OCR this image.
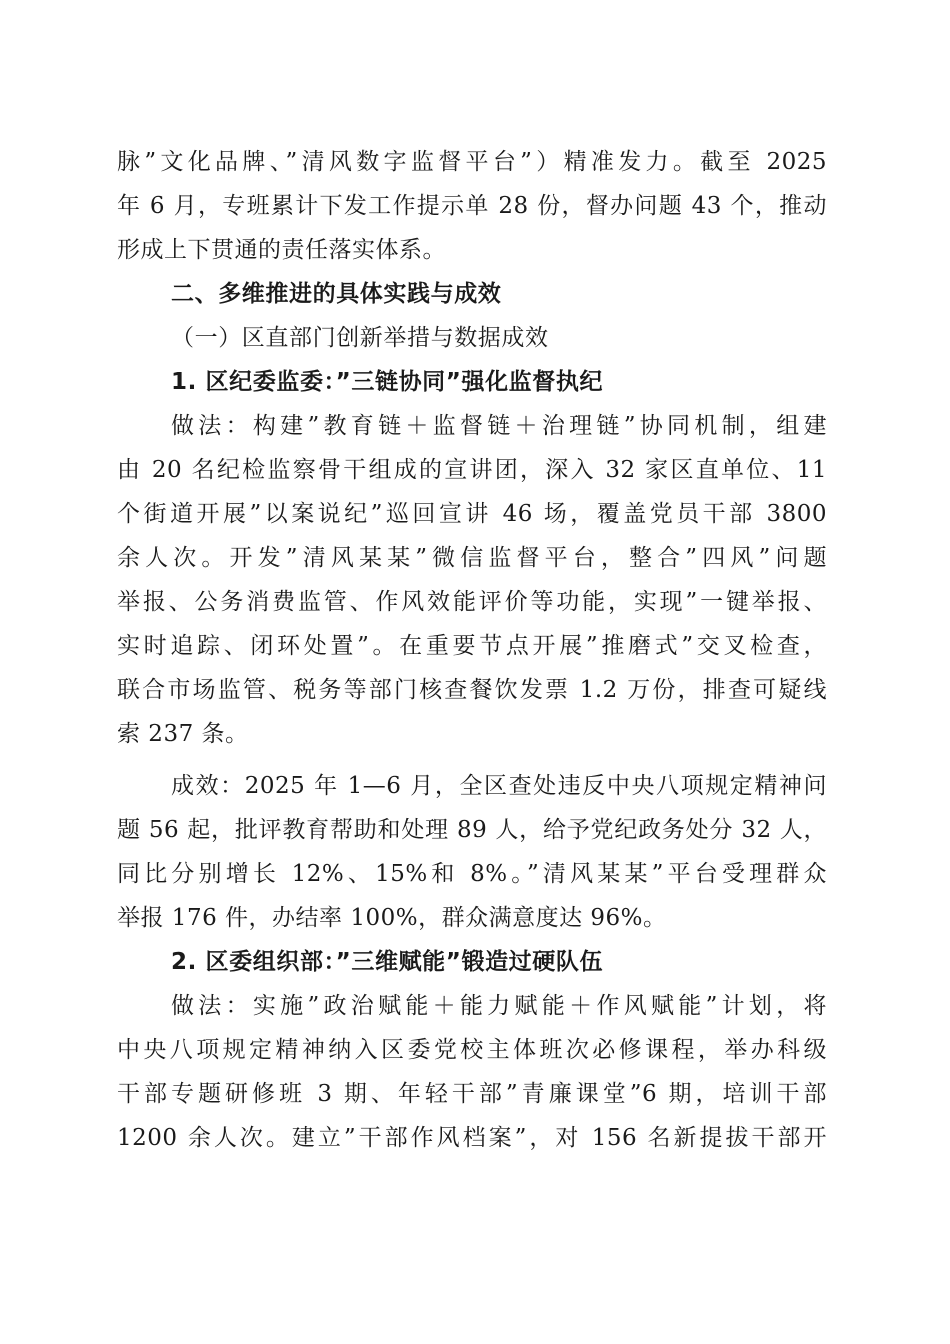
脉”文化品牌、”清风数字监督平台”）精准发力。截至 2025
年 6 月，专班累计下发工作提示单 28 份，督办问题 43 个，推动
形成上下贯通的责任落实体系。
二、多维推进的具体实践与成效
（一）区直部门创新举措与数据成效
1. 区纪委监委：”三链协同”强化监督执纪
做法：构建”教育链＋监督链＋治理链”协同机制，组建
由 20 名纪检监察骨干组成的宣讲团，深入 32 家区直单位、11
个街道开展”以案说纪”巡回宣讲 46 场，覆盖党员干部 3800
余人次。开发”清风某某”微信监督平台，整合”四风”问题
举报、公务消费监管、作风效能评价等功能，实现”一键举报、
实时追踪、闭环处置”。在重要节点开展”推磨式”交叉检查，
联合市场监管、税务等部门核查餐饮发票 1.2 万份，排查可疑线
索 237 条。
成效：2025 年 1—6 月，全区查处违反中央八项规定精神问
题 56 起，批评教育帮助和处理 89 人，给予党纪政务处分 32 人，
同比分别增长 12%、15%和 8%。”清风某某”平台受理群众
举报 176 件，办结率 100%，群众满意度达 96%。
2. 区委组织部：”三维赋能”锻造过硬队伍
做法：实施”政治赋能＋能力赋能＋作风赋能”计划，将
中央八项规定精神纳入区委党校主体班次必修课程，举办科级
干部专题研修班 3 期、年轻干部”青廉课堂”6 期，培训干部
1200 余人次。建立”干部作风档案”，对 156 名新提拔干部开
